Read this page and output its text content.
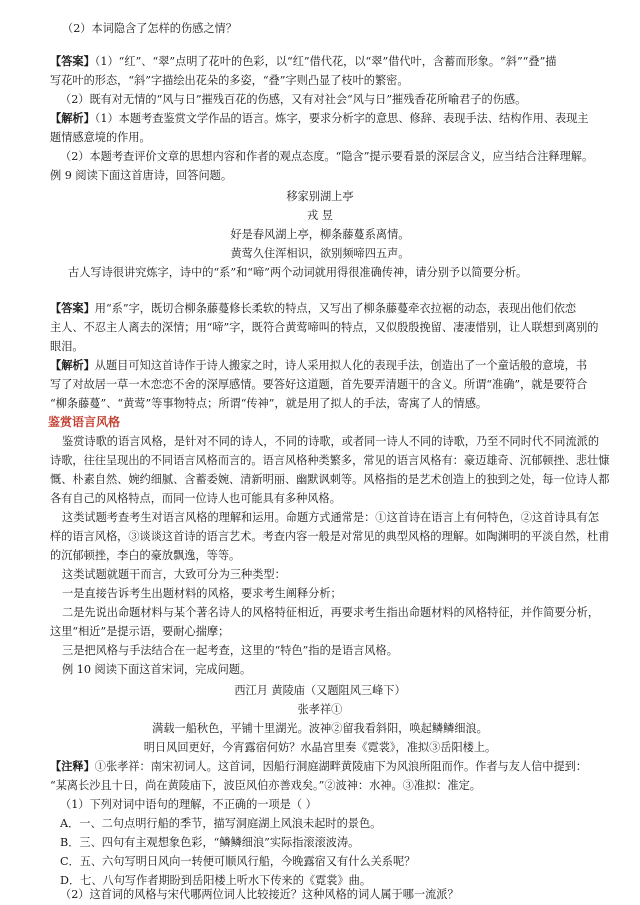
（2）本词隐含了怎样的伤感之情？

【答案】（1）“红”、“翠”点明了花叶的色彩，以“红”借代花，以“翠”借代叶，含蓄而形象。“斜”“叠”描

写花叶的形态，“斜”字描绘出花朵的多姿，“叠”字则凸显了枝叶的繁密。

（2）既有对无情的“风与日”摧残百花的伤感，又有对社会“风与日”摧残香花所喻君子的伤感。

【解析】（1）本题考查鉴赏文学作品的语言。炼字，要求分析字的意思、修辞、表现手法、结构作用、表现主

题情感意境的作用。

（2）本题考查评价文章的思想内容和作者的观点态度。“隐含”提示要看景的深层含义，应当结合注释理解。

例 9 阅读下面这首唐诗，回答问题。

移家别湖上亭

戎 昱

好是春风湖上亭，柳条藤蔓系离情。

黄莺久住浑相识，欲别频啼四五声。

古人写诗很讲究炼字，诗中的“系”和“啼”两个动词就用得很准确传神，请分别予以简要分析。

【答案】用“系”字，既切合柳条藤蔓修长柔软的特点，又写出了柳条藤蔓牵衣拉裾的动态，表现出他们依恋

主人、不忍主人离去的深情；用“啼”字，既符合黄莺啼叫的特点，又似殷殷挽留、凄凄惜别，让人联想到离别的

眼泪。

【解析】从题目可知这首诗作于诗人搬家之时，诗人采用拟人化的表现手法，创造出了一个童话般的意境，书

写了对故居一草一木恋恋不舍的深厚感情。要答好这道题，首先要弄清题干的含义。所谓“准确”，就是要符合

“柳条藤蔓”、“黄莺”等事物特点；所谓“传神”，就是用了拟人的手法，寄寓了人的情感。

鉴赏语言风格

鉴赏诗歌的语言风格，是针对不同的诗人，不同的诗歌，或者同一诗人不同的诗歌，乃至不同时代不同流派的

诗歌，往往呈现出的不同语言风格而言的。语言风格种类繁多，常见的语言风格有：豪迈雄奇、沉郁顿挫、悲壮慷

慨、朴素自然、婉约细腻、含蓄委婉、清新明丽、幽默讽刺等。风格指的是艺术创造上的独到之处，每一位诗人都

各有自己的风格特点，而同一位诗人也可能具有多种风格。

这类试题考查考生对语言风格的理解和运用。命题方式通常是：①这首诗在语言上有何特色，②这首诗具有怎

样的语言风格，③谈谈这首诗的语言艺术。考查内容一般是对常见的典型风格的理解。如陶渊明的平淡自然，杜甫

的沉郁顿挫，李白的豪放飘逸，等等。

这类试题就题干而言，大致可分为三种类型：

一是直接告诉考生出题材料的风格，要求考生阐释分析；

二是先说出命题材料与某个著名诗人的风格特征相近，再要求考生指出命题材料的风格特征，并作简要分析，

这里“相近”是提示语，要耐心揣摩；

三是把风格与手法结合在一起考查，这里的“特色”指的是语言风格。

例 10 阅读下面这首宋词，完成问题。

西江月 黄陵庙（又题阻风三峰下）

张孝祥①

满载一船秋色，平铺十里湖光。波神②留我看斜阳，唤起鳞鳞细浪。

明日风回更好，今宵露宿何妨？水晶宫里奏《霓裳》，准拟③岳阳楼上。

【注释】①张孝祥：南宋初词人。这首词，因船行洞庭湖畔黄陵庙下为风浪所阻而作。作者与友人信中提到：

“某离长沙且十日，尚在黄陵庙下，波臣风伯亦善戏矣。”②波神：水神。③准拟：准定。

（1）下列对词中语句的理解，不正确的一项是（ ）

A．一、二句点明行船的季节，描写洞庭湖上风浪未起时的景色。

B．三、四句有主观想象色彩，“鳞鳞细浪”实际指滚滚波涛。

C．五、六句写明日风向一转便可顺风行船，今晚露宿又有什么关系呢？

D．七、八句写作者期盼到岳阳楼上听水下传来的《霓裳》曲。

（2）这首词的风格与宋代哪两位词人比较接近？这种风格的词人属于哪一流派？
